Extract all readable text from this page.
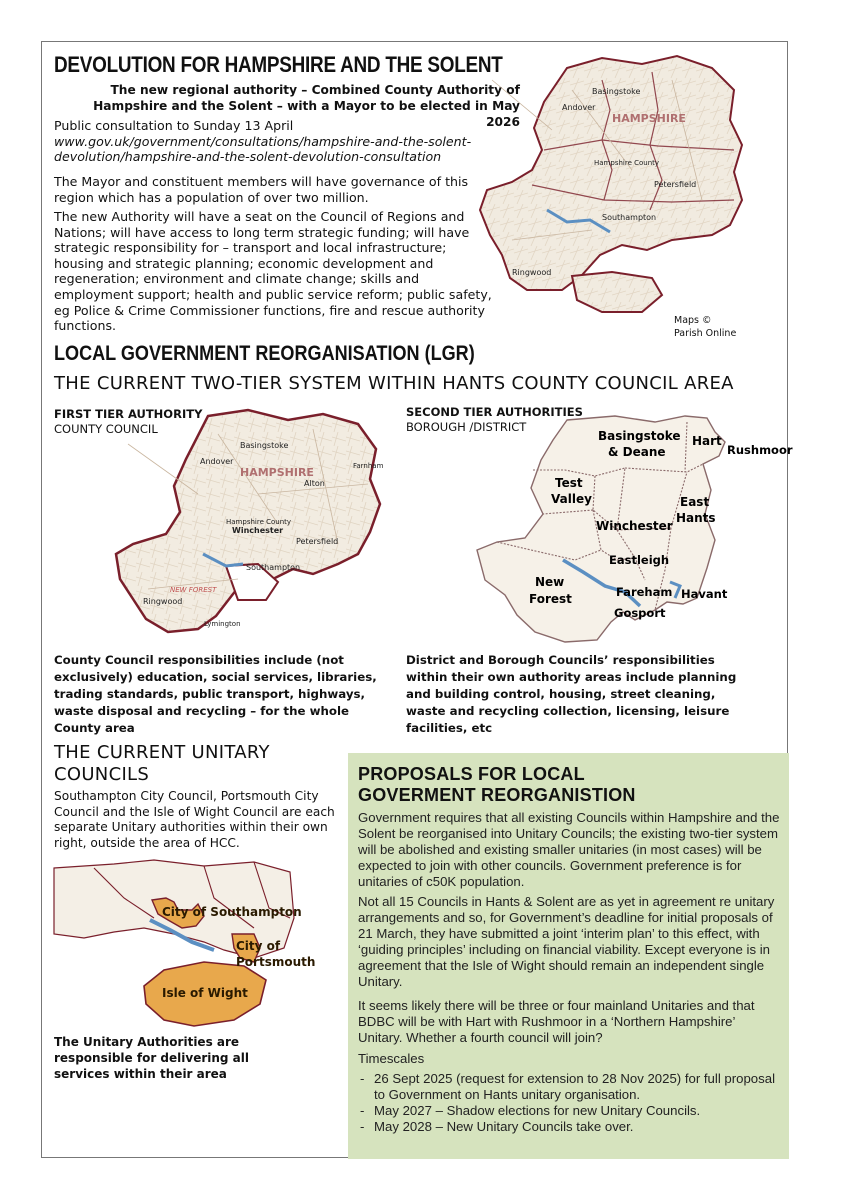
DEVOLUTION FOR HAMPSHIRE AND THE SOLENT
The new regional authority – Combined County Authority of
Hampshire and the Solent – with a Mayor to be elected in May 2026
Public consultation to Sunday 13 April
www.gov.uk/government/consultations/hampshire-and-the-solent-devolution/hampshire-and-the-solent-devolution-consultation
The Mayor and constituent members will have governance of this region which has a population of over two million.
The new Authority will have a seat on the Council of Regions and Nations; will have access to long term strategic funding; will have strategic responsibility for – transport and local infrastructure; housing and strategic planning; economic development and regeneration; environment and climate change; skills and employment support; health and public service reform; public safety, eg Police & Crime Commissioner functions, fire and rescue authority functions.
Basingstoke
Andover
HAMPSHIRE
Hampshire County
Petersfield
Southampton
Ringwood
Maps ©
Parish Online
LOCAL GOVERNMENT REORGANISATION (LGR)
THE CURRENT TWO-TIER SYSTEM WITHIN HANTS COUNTY COUNCIL AREA
FIRST TIER AUTHORITY
COUNTY COUNCIL
SECOND TIER AUTHORITIES
BOROUGH /DISTRICT
Basingstoke
Andover
HAMPSHIRE
Alton
Farnham
Hampshire County
Winchester
Petersfield
Southampton
NEW FOREST
Ringwood
Lymington
Basingstoke
& Deane
Hart
Rushmoor
Test
Valley	East
Hants
Winchester
Eastleigh
New
Forest	Fareham
Gosport
Havant
County Council responsibilities include (not exclusively) education, social services, libraries, trading standards, public transport, highways, waste disposal and recycling – for the whole County area
District and Borough Councils’ responsibilities within their own authority areas include planning and building control, housing, street cleaning, waste and recycling collection, licensing, leisure facilities, etc
THE CURRENT UNITARY
COUNCILS
Southampton City Council, Portsmouth City Council and the Isle of Wight Council are each separate Unitary authorities within their own right, outside the area of HCC.
City of Southampton
City of
Portsmouth
Isle of Wight
The Unitary Authorities are responsible for delivering all services within their area
PROPOSALS FOR LOCAL
GOVERMENT REORGANISTION
Government requires that all existing Councils within Hampshire and the Solent be reorganised into Unitary Councils; the existing two-tier system will be abolished and existing smaller unitaries (in most cases) will be expected to join with other councils. Government preference is for unitaries of c50K population.
Not all 15 Councils in Hants & Solent are as yet in agreement re unitary arrangements and so, for Government’s deadline for initial proposals of 21 March, they have submitted a joint ‘interim plan’ to this effect, with ‘guiding principles’ including on financial viability. Except everyone is in agreement that the Isle of Wight should remain an independent single Unitary.
It seems likely there will be three or four mainland Unitaries and that BDBC will be with Hart with Rushmoor in a ‘Northern Hampshire’ Unitary. Whether a fourth council will join?
Timescales
- 26 Sept 2025 (request for extension to 28 Nov 2025) for full proposal to Government on Hants unitary organisation.
- May 2027 – Shadow elections for new Unitary Councils.
- May 2028 – New Unitary Councils take over.
